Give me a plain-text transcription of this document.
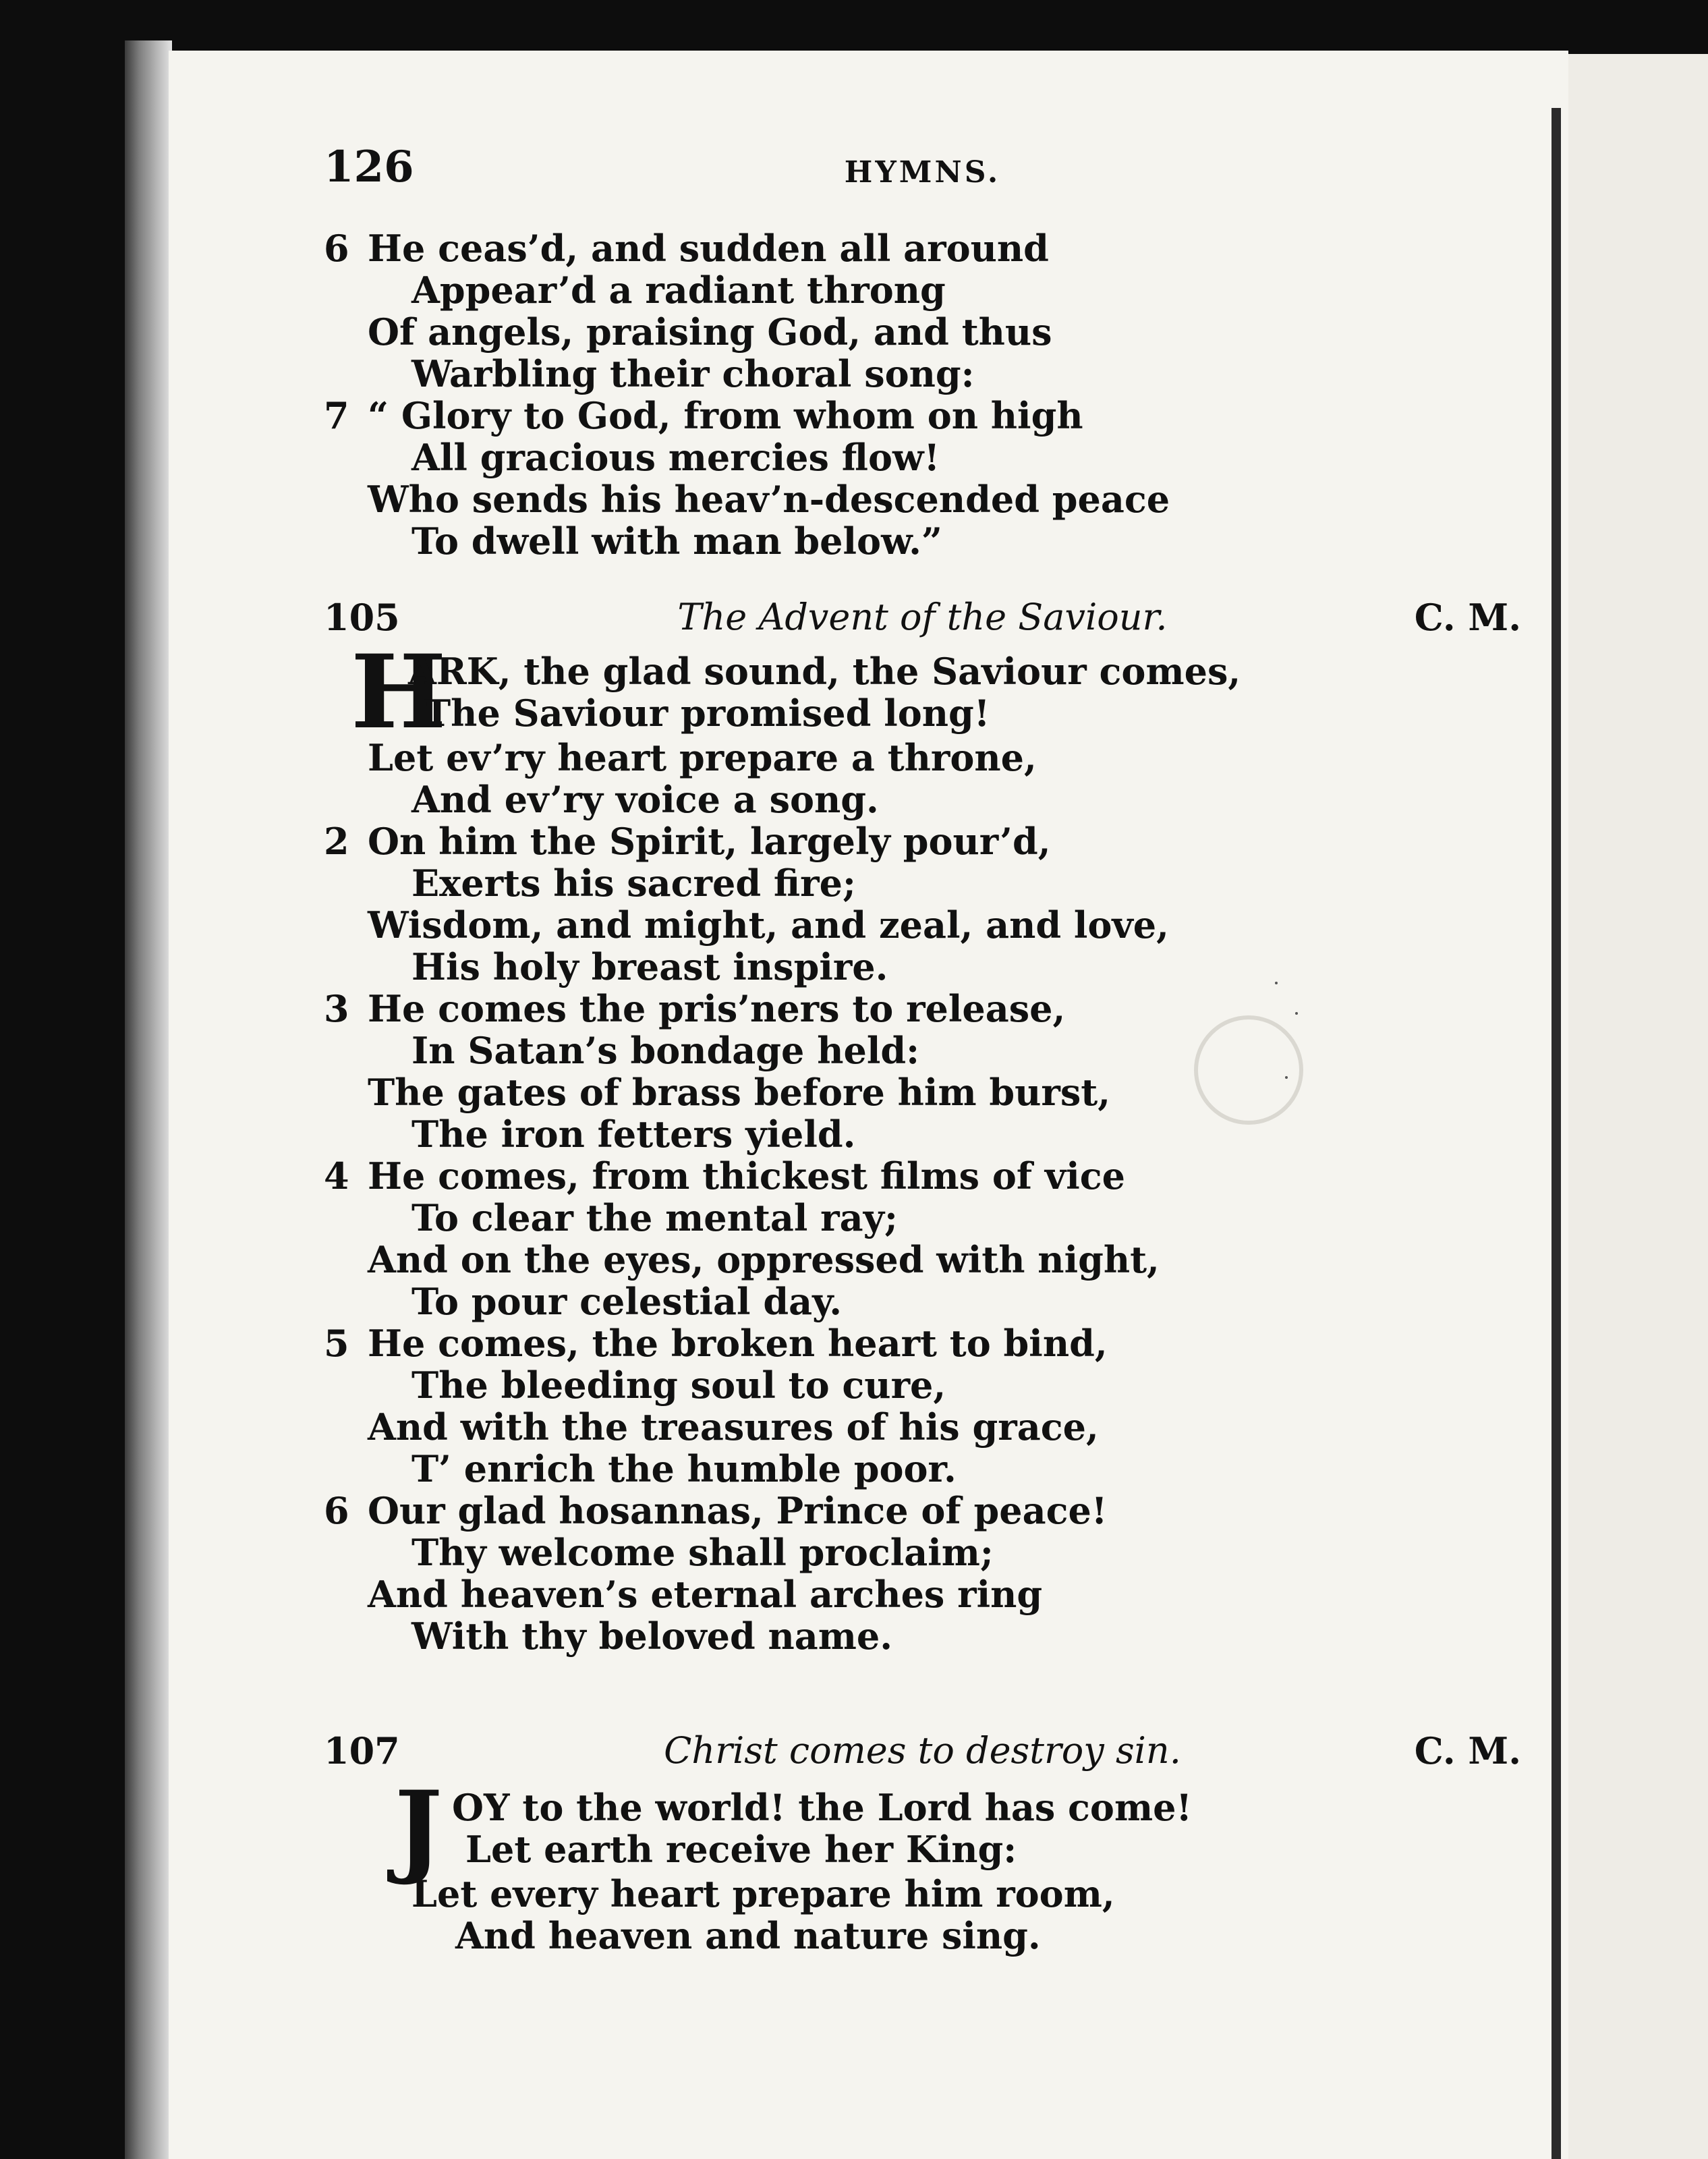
126	HYMNS.
6 He ceas’d, and sudden all around
Appear’d a radiant throng
Of angels, praising God, and thus
Warbling their choral song:
7 “ Glory to God, from whom on high
All gracious mercies flow!
Who sends his heav’n-descended peace
To dwell with man below.”
105	The Advent of the Saviour.	C. M.
H
ARK, the glad sound, the Saviour comes,
The Saviour promised long!
Let ev’ry heart prepare a throne,
And ev’ry voice a song.
2 On him the Spirit, largely pour’d,
Exerts his sacred fire;
Wisdom, and might, and zeal, and love,
His holy breast inspire.
3 He comes the pris’ners to release,
In Satan’s bondage held:
The gates of brass before him burst,
The iron fetters yield.
4 He comes, from thickest films of vice
To clear the mental ray;
And on the eyes, oppressed with night,
To pour celestial day.
5 He comes, the broken heart to bind,
The bleeding soul to cure,
And with the treasures of his grace,
T’ enrich the humble poor.
6 Our glad hosannas, Prince of peace!
Thy welcome shall proclaim;
And heaven’s eternal arches ring
With thy beloved name.
107	Christ comes to destroy sin.	C. M.
J OY to the world! the Lord has come!
Let earth receive her King:
Let every heart prepare him room,
And heaven and nature sing.
